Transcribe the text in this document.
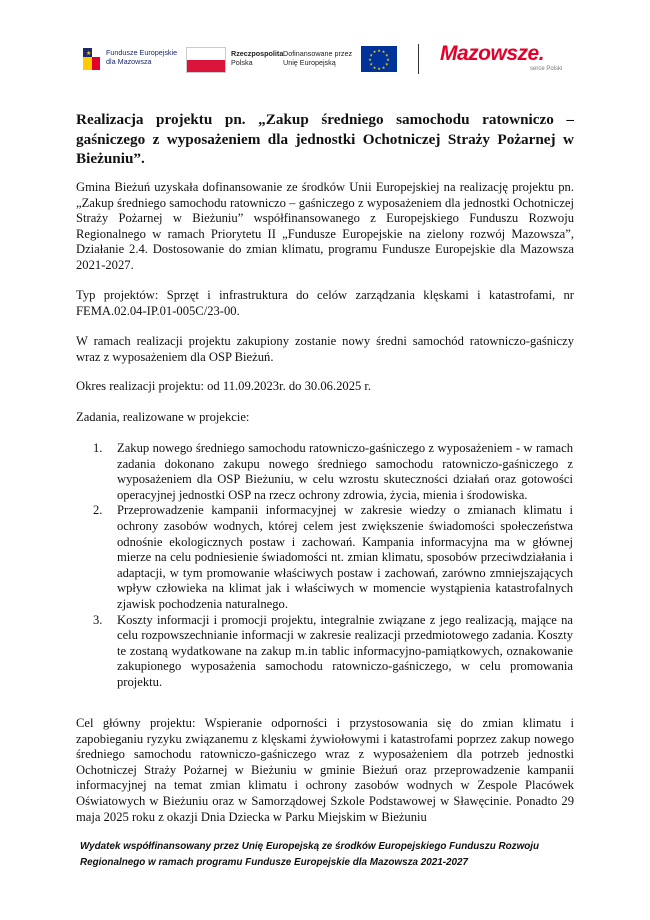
★ Fundusze Europejskie
dla Mazowsza
Rzeczpospolita
Polska
Dofinansowane przez
Unię Europejską
★ ★
★
★
★
★
★
★
★
★
★
★	Mazowsze.
serce Polski
Realizacja projektu pn. „Zakup średniego samochodu ratowniczo – gaśniczego z wyposażeniem dla jednostki Ochotniczej Straży Pożarnej w Bieżuniu”.

Gmina Bieżuń uzyskała dofinansowanie ze środków Unii Europejskiej na realizację projektu pn. „Zakup średniego samochodu ratowniczo – gaśniczego z wyposażeniem dla jednostki Ochotniczej Straży Pożarnej w Bieżuniu” współfinansowanego z Europejskiego Funduszu Rozwoju Regionalnego w ramach Priorytetu II „Fundusze Europejskie na zielony rozwój Mazowsza”, Działanie 2.4. Dostosowanie do zmian klimatu, programu Fundusze Europejskie dla Mazowsza 2021-2027.

Typ projektów: Sprzęt i infrastruktura do celów zarządzania klęskami i katastrofami, nr FEMA.02.04-IP.01-005C/23-00.

W ramach realizacji projektu zakupiony zostanie nowy średni samochód ratowniczo-gaśniczy wraz z wyposażeniem dla OSP Bieżuń.

Okres realizacji projektu: od 11.09.2023r. do 30.06.2025 r.

Zadania, realizowane w projekcie:

1. Zakup nowego średniego samochodu ratowniczo-gaśniczego z wyposażeniem - w ramach zadania dokonano zakupu nowego średniego samochodu ratowniczo-gaśniczego z wyposażeniem dla OSP Bieżuniu, w celu wzrostu skuteczności działań oraz gotowości operacyjnej jednostki OSP na rzecz ochrony zdrowia, życia, mienia i środowiska.
2. Przeprowadzenie kampanii informacyjnej w zakresie wiedzy o zmianach klimatu i ochrony zasobów wodnych, której celem jest zwiększenie świadomości społeczeństwa odnośnie ekologicznych postaw i zachowań. Kampania informacyjna ma w głównej mierze na celu podniesienie świadomości nt. zmian klimatu, sposobów przeciwdziałania i adaptacji, w tym promowanie właściwych postaw i zachowań, zarówno zmniejszających wpływ człowieka na klimat jak i właściwych w momencie wystąpienia katastrofalnych zjawisk pochodzenia naturalnego.
3. Koszty informacji i promocji projektu, integralnie związane z jego realizacją, mające na celu rozpowszechnianie informacji w zakresie realizacji przedmiotowego zadania. Koszty te zostaną wydatkowane na zakup m.in tablic informacyjno-pamiątkowych, oznakowanie zakupionego wyposażenia samochodu ratowniczo-gaśniczego, w celu promowania projektu.

Cel główny projektu: Wspieranie odporności i przystosowania się do zmian klimatu i zapobieganiu ryzyku związanemu z klęskami żywiołowymi i katastrofami poprzez zakup nowego średniego samochodu ratowniczo-gaśniczego wraz z wyposażeniem dla potrzeb jednostki Ochotniczej Straży Pożarnej w Bieżuniu w gminie Bieżuń oraz przeprowadzenie kampanii informacyjnej na temat zmian klimatu i ochrony zasobów wodnych w Zespole Placówek Oświatowych w Bieżuniu oraz w Samorządowej Szkole Podstawowej w Sławęcinie. Ponadto 29 maja 2025 roku z okazji Dnia Dziecka w Parku Miejskim w Bieżuniu

Wydatek współfinansowany przez Unię Europejską ze środków Europejskiego Funduszu Rozwoju Regionalnego w ramach programu Fundusze Europejskie dla Mazowsza 2021-2027
